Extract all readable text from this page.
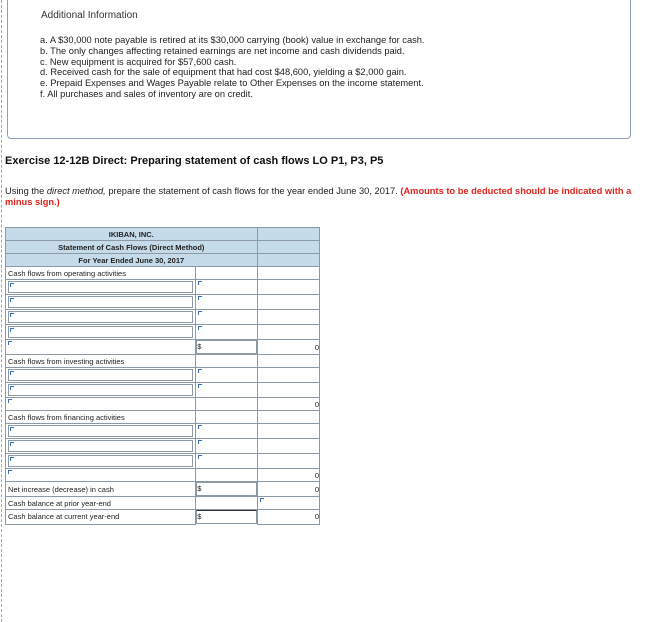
Additional Information
a. A $30,000 note payable is retired at its $30,000 carrying (book) value in exchange for cash.
b. The only changes affecting retained earnings are net income and cash dividends paid.
c. New equipment is acquired for $57,600 cash.
d. Received cash for the sale of equipment that had cost $48,600, yielding a $2,000 gain.
e. Prepaid Expenses and Wages Payable relate to Other Expenses on the income statement.
f. All purchases and sales of inventory are on credit.
Exercise 12-12B Direct: Preparing statement of cash flows LO P1, P3, P5
Using the direct method, prepare the statement of cash flows for the year ended June 30, 2017. (Amounts to be deducted should be indicated with a minus sign.)
IKIBAN, INC.		
Statement of Cash Flows (Direct Method)		
For Year Ended June 30, 2017		
Cash flows from operating activities		

$	0
Cash flows from investing activities		

		0
Cash flows from financing activities		

		0
Net increase (decrease) in cash		$	0
Cash balance at prior year-end		
Cash balance at current year-end		$	0
